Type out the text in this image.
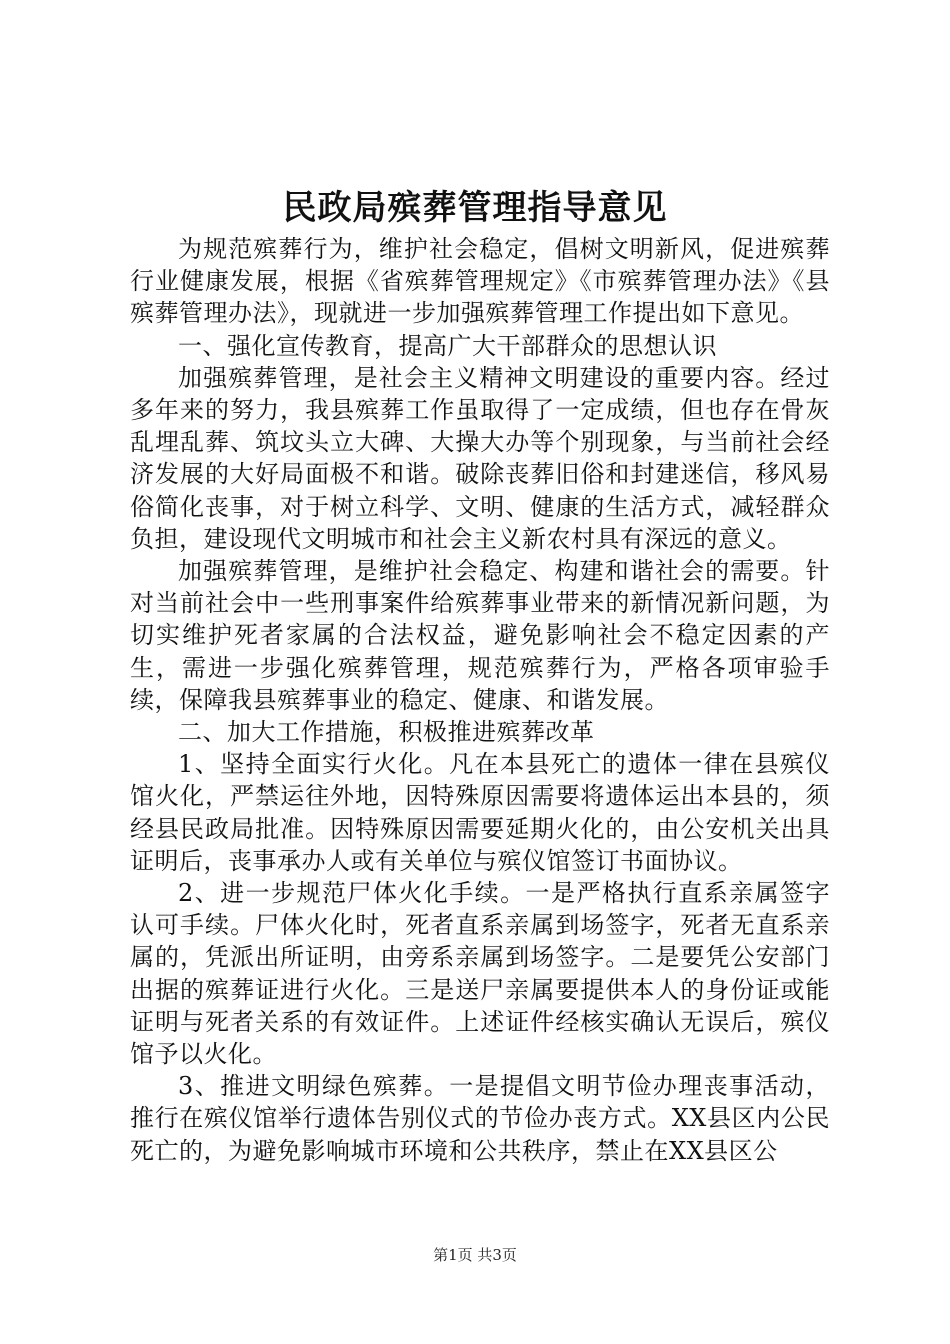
民政局殡葬管理指导意见

为规范殡葬行为，维护社会稳定，倡树文明新风，促进殡葬行业健康发展，根据《省殡葬管理规定》《市殡葬管理办法》《县殡葬管理办法》，现就进一步加强殡葬管理工作提出如下意见。

一、强化宣传教育，提高广大干部群众的思想认识

加强殡葬管理，是社会主义精神文明建设的重要内容。经过多年来的努力，我县殡葬工作虽取得了一定成绩，但也存在骨灰乱埋乱葬、筑坟头立大碑、大操大办等个别现象，与当前社会经济发展的大好局面极不和谐。破除丧葬旧俗和封建迷信，移风易俗简化丧事，对于树立科学、文明、健康的生活方式，减轻群众负担，建设现代文明城市和社会主义新农村具有深远的意义。

加强殡葬管理，是维护社会稳定、构建和谐社会的需要。针对当前社会中一些刑事案件给殡葬事业带来的新情况新问题，为切实维护死者家属的合法权益，避免影响社会不稳定因素的产生，需进一步强化殡葬管理，规范殡葬行为，严格各项审验手续，保障我县殡葬事业的稳定、健康、和谐发展。

二、加大工作措施，积极推进殡葬改革

1、坚持全面实行火化。凡在本县死亡的遗体一律在县殡仪馆火化，严禁运往外地，因特殊原因需要将遗体运出本县的，须经县民政局批准。因特殊原因需要延期火化的，由公安机关出具证明后，丧事承办人或有关单位与殡仪馆签订书面协议。

2、进一步规范尸体火化手续。一是严格执行直系亲属签字认可手续。尸体火化时，死者直系亲属到场签字，死者无直系亲属的，凭派出所证明，由旁系亲属到场签字。二是要凭公安部门出据的殡葬证进行火化。三是送尸亲属要提供本人的身份证或能证明与死者关系的有效证件。上述证件经核实确认无误后，殡仪馆予以火化。

3、推进文明绿色殡葬。一是提倡文明节俭办理丧事活动，推行在殡仪馆举行遗体告别仪式的节俭办丧方式。XX县区内公民死亡的，为避免影响城市环境和公共秩序，禁止在XX县区公

第1页 共3页
